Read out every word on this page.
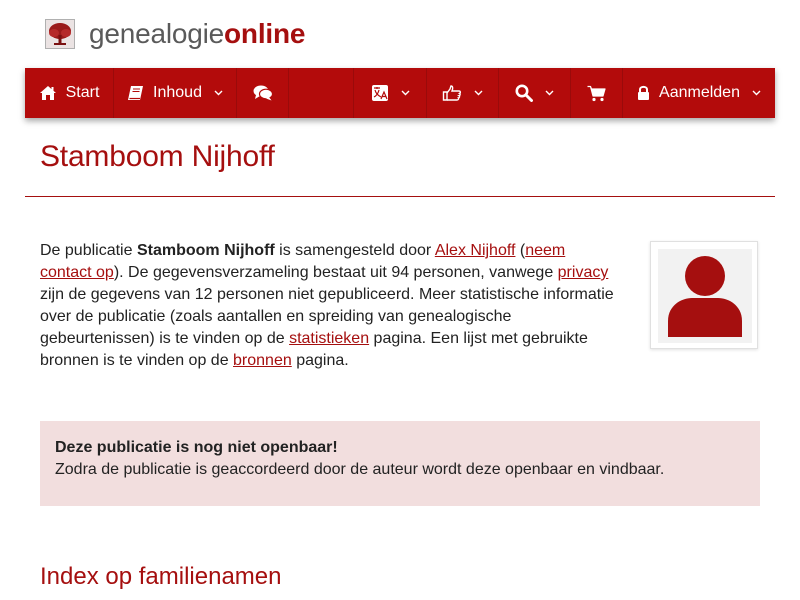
genealogieonline
Start	Inhoud	Aanmelden
Stamboom Nijhoff

De publicatie Stamboom Nijhoff is samengesteld door Alex Nijhoff (neem contact op). De gegevensverzameling bestaat uit 94 personen, vanwege privacy zijn de gegevens van 12 personen niet gepubliceerd. Meer statistische informatie over de publicatie (zoals aantallen en spreiding van genealogische gebeurtenissen) is te vinden op de statistieken pagina. Een lijst met gebruikte bronnen is te vinden op de bronnen pagina.

Deze publicatie is nog niet openbaar!
Zodra de publicatie is geaccordeerd door de auteur wordt deze openbaar en vindbaar.
Index op familienamen
